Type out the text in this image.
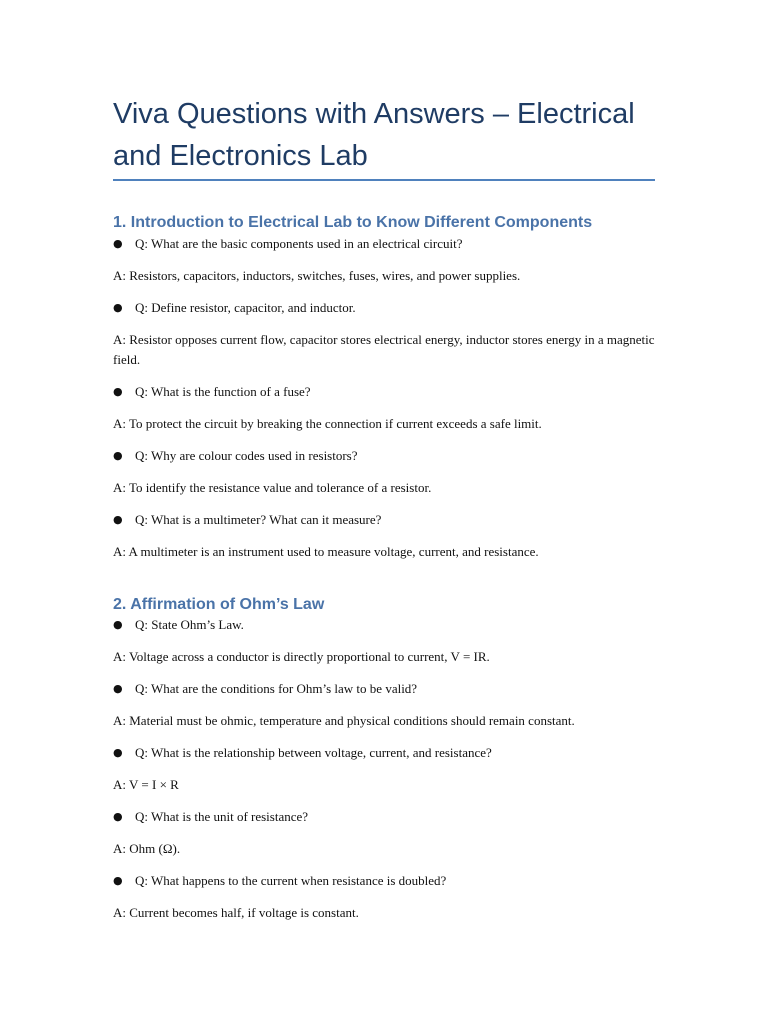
Viva Questions with Answers – Electrical and Electronics Lab
1. Introduction to Electrical Lab to Know Different Components
● Q: What are the basic components used in an electrical circuit?
A: Resistors, capacitors, inductors, switches, fuses, wires, and power supplies.
● Q: Define resistor, capacitor, and inductor.
A: Resistor opposes current flow, capacitor stores electrical energy, inductor stores energy in a magnetic field.
● Q: What is the function of a fuse?
A: To protect the circuit by breaking the connection if current exceeds a safe limit.
● Q: Why are colour codes used in resistors?
A: To identify the resistance value and tolerance of a resistor.
● Q: What is a multimeter? What can it measure?
A: A multimeter is an instrument used to measure voltage, current, and resistance.
2. Affirmation of Ohm’s Law
● Q: State Ohm’s Law.
A: Voltage across a conductor is directly proportional to current, V = IR.
● Q: What are the conditions for Ohm’s law to be valid?
A: Material must be ohmic, temperature and physical conditions should remain constant.
● Q: What is the relationship between voltage, current, and resistance?
A: V = I × R
● Q: What is the unit of resistance?
A: Ohm (Ω).
● Q: What happens to the current when resistance is doubled?
A: Current becomes half, if voltage is constant.
